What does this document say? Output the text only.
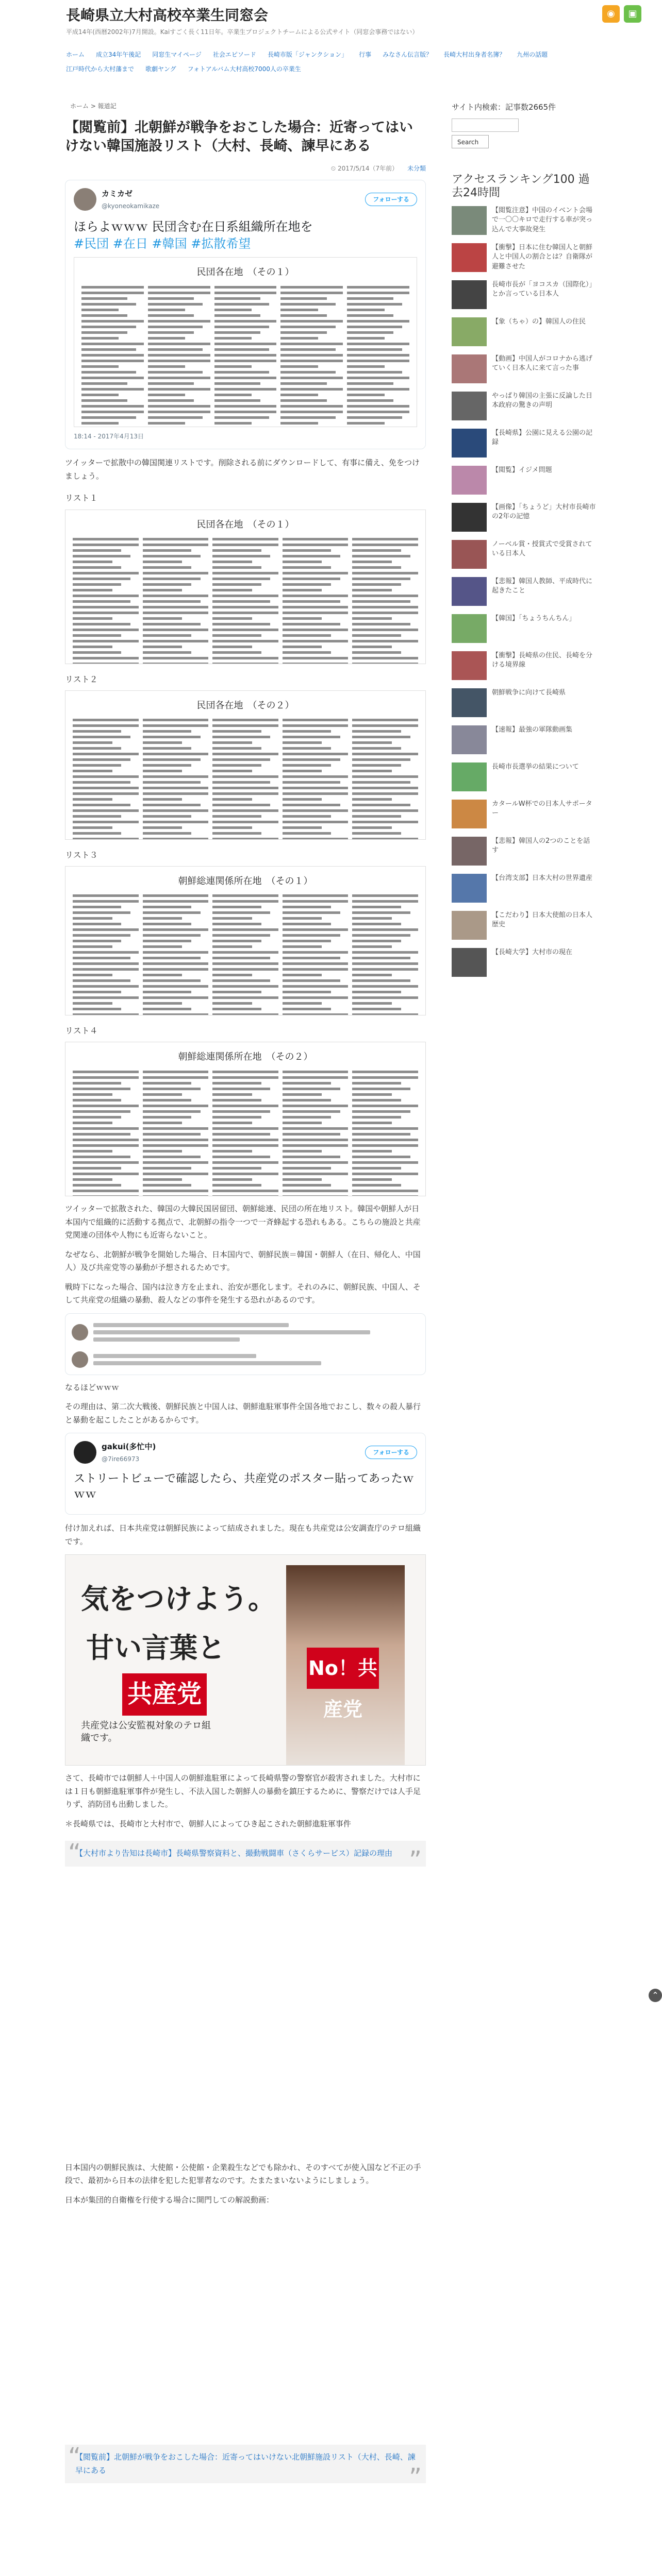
長崎県立大村高校卒業生同窓会
平成14年(西暦2002年)7月開設。Kaiすごく長く11日年。卒業生プロジェクトチームによる公式サイト（同窓会事務ではない）
◉	▣
ホーム 成立34年午後記 同窓生マイページ 社会エピソード 長崎市版「ジャンクション」 行事 みなさん伝言版？ 長崎大村出身者名簿？ 九州の話題江戸時代から大村藩まで 歌劇ヤング フォトアルバム大村高校7000人の卒業生
ホーム > 報道記
【閲覧前】北朝鮮が戦争をおこした場合：近寄ってはいけない韓国施設リスト（大村、長崎、諫早にある
⏲ 2017/5/14（7年前） 未分類
カミカゼ
@kyoneokamikaze
フォローする
ほらよｗｗｗ 民団含む在日系組織所在地を
#民団 #在日 #韓国 #拡散希望
民団各在地　（その１）
18:14 - 2017年4月13日

ツイッターで拡散中の韓国関連リストです。削除される前にダウンロードして、有事に備え、免をつけましょう。

リスト１
民団各在地　（その１）
リスト２
民団各在地　（その２）
リスト３
朝鮮総連関係所在地　（その１）
リスト４
朝鮮総連関係所在地　（その２）

ツイッターで拡散された、韓国の大韓民国居留団、朝鮮総連、民団の所在地リスト。韓国や朝鮮人が日本国内で組織的に活動する拠点で、北朝鮮の指令一つで一斉蜂起する恐れもある。こちらの施設と共産党関連の団体や人物にも近寄らないこと。

なぜなら、北朝鮮が戦争を開始した場合、日本国内で、朝鮮民族＝韓国・朝鮮人（在日、帰化人、中国人）及び共産党等の暴動が予想されるためです。

戦時下になった場合、国内は泣き方を止まれ、治安が悪化します。それのみに、朝鮮民族、中国人、そして共産党の組織の暴動、殺人などの事件を発生する恐れがあるのです。

なるほどｗｗｗ

その理由は、第二次大戦後、朝鮮民族と中国人は、朝鮮進駐軍事件全国各地でおこし、数々の殺人暴行と暴動を起こしたことがあるからです。

gakui(多忙中)
@7ire66973
フォローする
ストリートビューで確認したら、共産党のポスター貼ってあったｗｗｗ

付け加えれば、日本共産党は朝鮮民族によって結成されました。現在も共産党は公安調査庁のテロ組織です。

気をつけよう。
甘い言葉と
共産党
共産党は公安監視対象のテロ組織です。
No！共産党

さて、長崎市では朝鮮人＋中国人の朝鮮進駐軍によって長崎県警の警察官が殺害されました。大村市には１日も朝鮮進駐軍事件が発生し、不法入国した朝鮮人の暴動を鎮圧するために、警察だけでは人手足りず、消防団も出動しました。

＊長崎県では、長崎市と大村市で、朝鮮人によってひき起こされた朝鮮進駐軍事件

“
【大村市より告知は長崎市】長崎県警察資料と、撮動戦闘車（さくらサービス）記録の理由 ”

日本国内の朝鮮民族は、大使館・公使館・企業殺生などでも除かれ、そのすべてが使入国など不正の手段で、最初から日本の法律を犯した犯罪者なのです。たまたまいないようにしましょう。

日本が集団的自衛権を行使する場合に開門しての解説動画：

“
【閲覧前】北朝鮮が戦争をおこした場合：近寄ってはいけない北朝鮮施設リスト（大村、長崎、諫早にある	”
サイト内検索：記事数2665件
Search
アクセスランキング100 過去24時間
【閲覧注意】中国のイベント会場で一〇〇キロで走行する車が突っ込んで大事故発生
【衝撃】日本に住む韓国人と朝鮮人と中国人の割合とは？自衛隊が避難させた
長崎市長が「ヨコスカ（国際化）」とか言っている日本人
【象（ちゃ）の】韓国人の住民
【動画】中国人がコロナから逃げていく日本人に来て言った事
やっぱり韓国の主張に反論した日本政府の驚きの声明
【長崎県】公園に見える公園の記録
【閲覧】イジメ問題
【画像】「ちょうど」大村市長崎市の2年の記憶
ノーベル賞・授賞式で受賞されている日本人
【悲報】韓国人教師、平成時代に起きたこと
【韓国】「ちょうちんちん」
【衝撃】長崎県の住民、長崎を分ける境界線
朝鮮戦争に向けて長崎県
【速報】最強の軍隊動画集
長崎市長選挙の結果について
カタールW杯での日本人サポーター
【悲報】韓国人の2つのことを話す
【台湾支部】日本大村の世界遺産
【こだわり】日本大使館の日本人歴史
【長崎大学】大村市の現在
⌃
